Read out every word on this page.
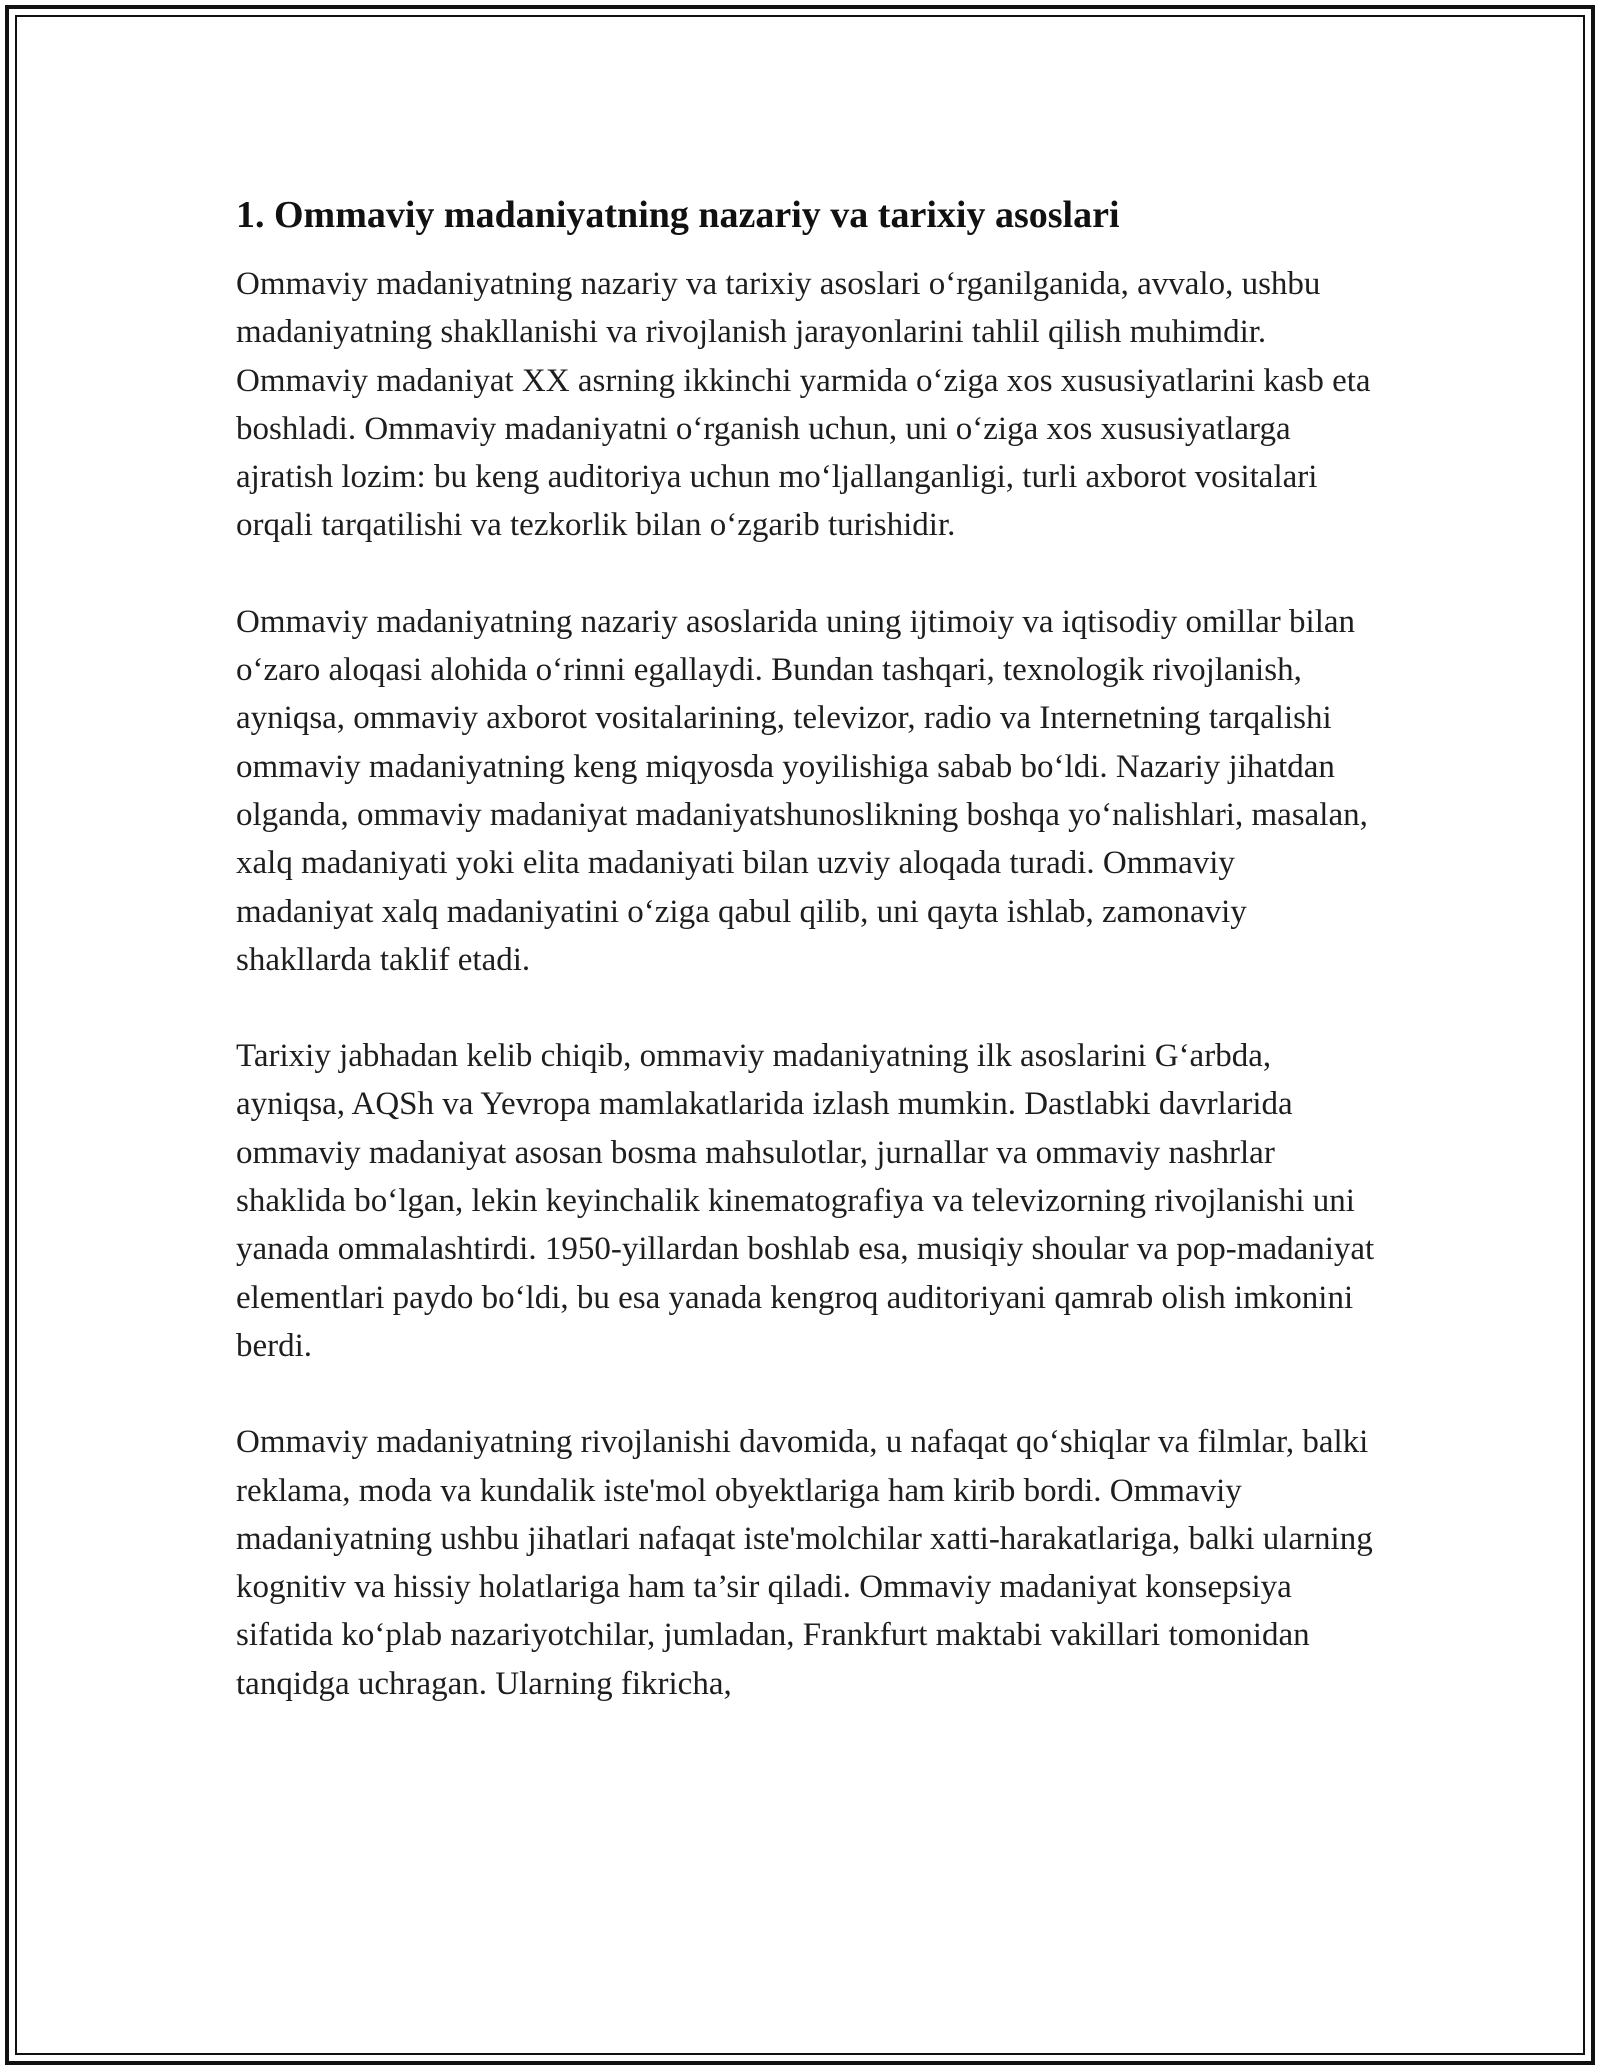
1. Ommaviy madaniyatning nazariy va tarixiy asoslari

Ommaviy madaniyatning nazariy va tarixiy asoslari o‘rganilganida, avvalo, ushbu madaniyatning shakllanishi va rivojlanish jarayonlarini tahlil qilish muhimdir. Ommaviy madaniyat XX asrning ikkinchi yarmida o‘ziga xos xususiyatlarini kasb eta boshladi. Ommaviy madaniyatni o‘rganish uchun, uni o‘ziga xos xususiyatlarga ajratish lozim: bu keng auditoriya uchun mo‘ljallanganligi, turli axborot vositalari orqali tarqatilishi va tezkorlik bilan o‘zgarib turishidir.

Ommaviy madaniyatning nazariy asoslarida uning ijtimoiy va iqtisodiy omillar bilan o‘zaro aloqasi alohida o‘rinni egallaydi. Bundan tashqari, texnologik rivojlanish, ayniqsa, ommaviy axborot vositalarining, televizor, radio va Internetning tarqalishi ommaviy madaniyatning keng miqyosda yoyilishiga sabab bo‘ldi. Nazariy jihatdan olganda, ommaviy madaniyat madaniyatshunoslikning boshqa yo‘nalishlari, masalan, xalq madaniyati yoki elita madaniyati bilan uzviy aloqada turadi. Ommaviy madaniyat xalq madaniyatini o‘ziga qabul qilib, uni qayta ishlab, zamonaviy shakllarda taklif etadi.

Tarixiy jabhadan kelib chiqib, ommaviy madaniyatning ilk asoslarini G‘arbda, ayniqsa, AQSh va Yevropa mamlakatlarida izlash mumkin. Dastlabki davrlarida ommaviy madaniyat asosan bosma mahsulotlar, jurnallar va ommaviy nashrlar shaklida bo‘lgan, lekin keyinchalik kinematografiya va televizorning rivojlanishi uni yanada ommalashtirdi. 1950-yillardan boshlab esa, musiqiy shoular va pop-madaniyat elementlari paydo bo‘ldi, bu esa yanada kengroq auditoriyani qamrab olish imkonini berdi.

Ommaviy madaniyatning rivojlanishi davomida, u nafaqat qo‘shiqlar va filmlar, balki reklama, moda va kundalik iste'mol obyektlariga ham kirib bordi. Ommaviy madaniyatning ushbu jihatlari nafaqat iste'molchilar xatti-harakatlariga, balki ularning kognitiv va hissiy holatlariga ham ta’sir qiladi. Ommaviy madaniyat konsepsiya sifatida ko‘plab nazariyotchilar, jumladan, Frankfurt maktabi vakillari tomonidan tanqidga uchragan. Ularning fikricha,
